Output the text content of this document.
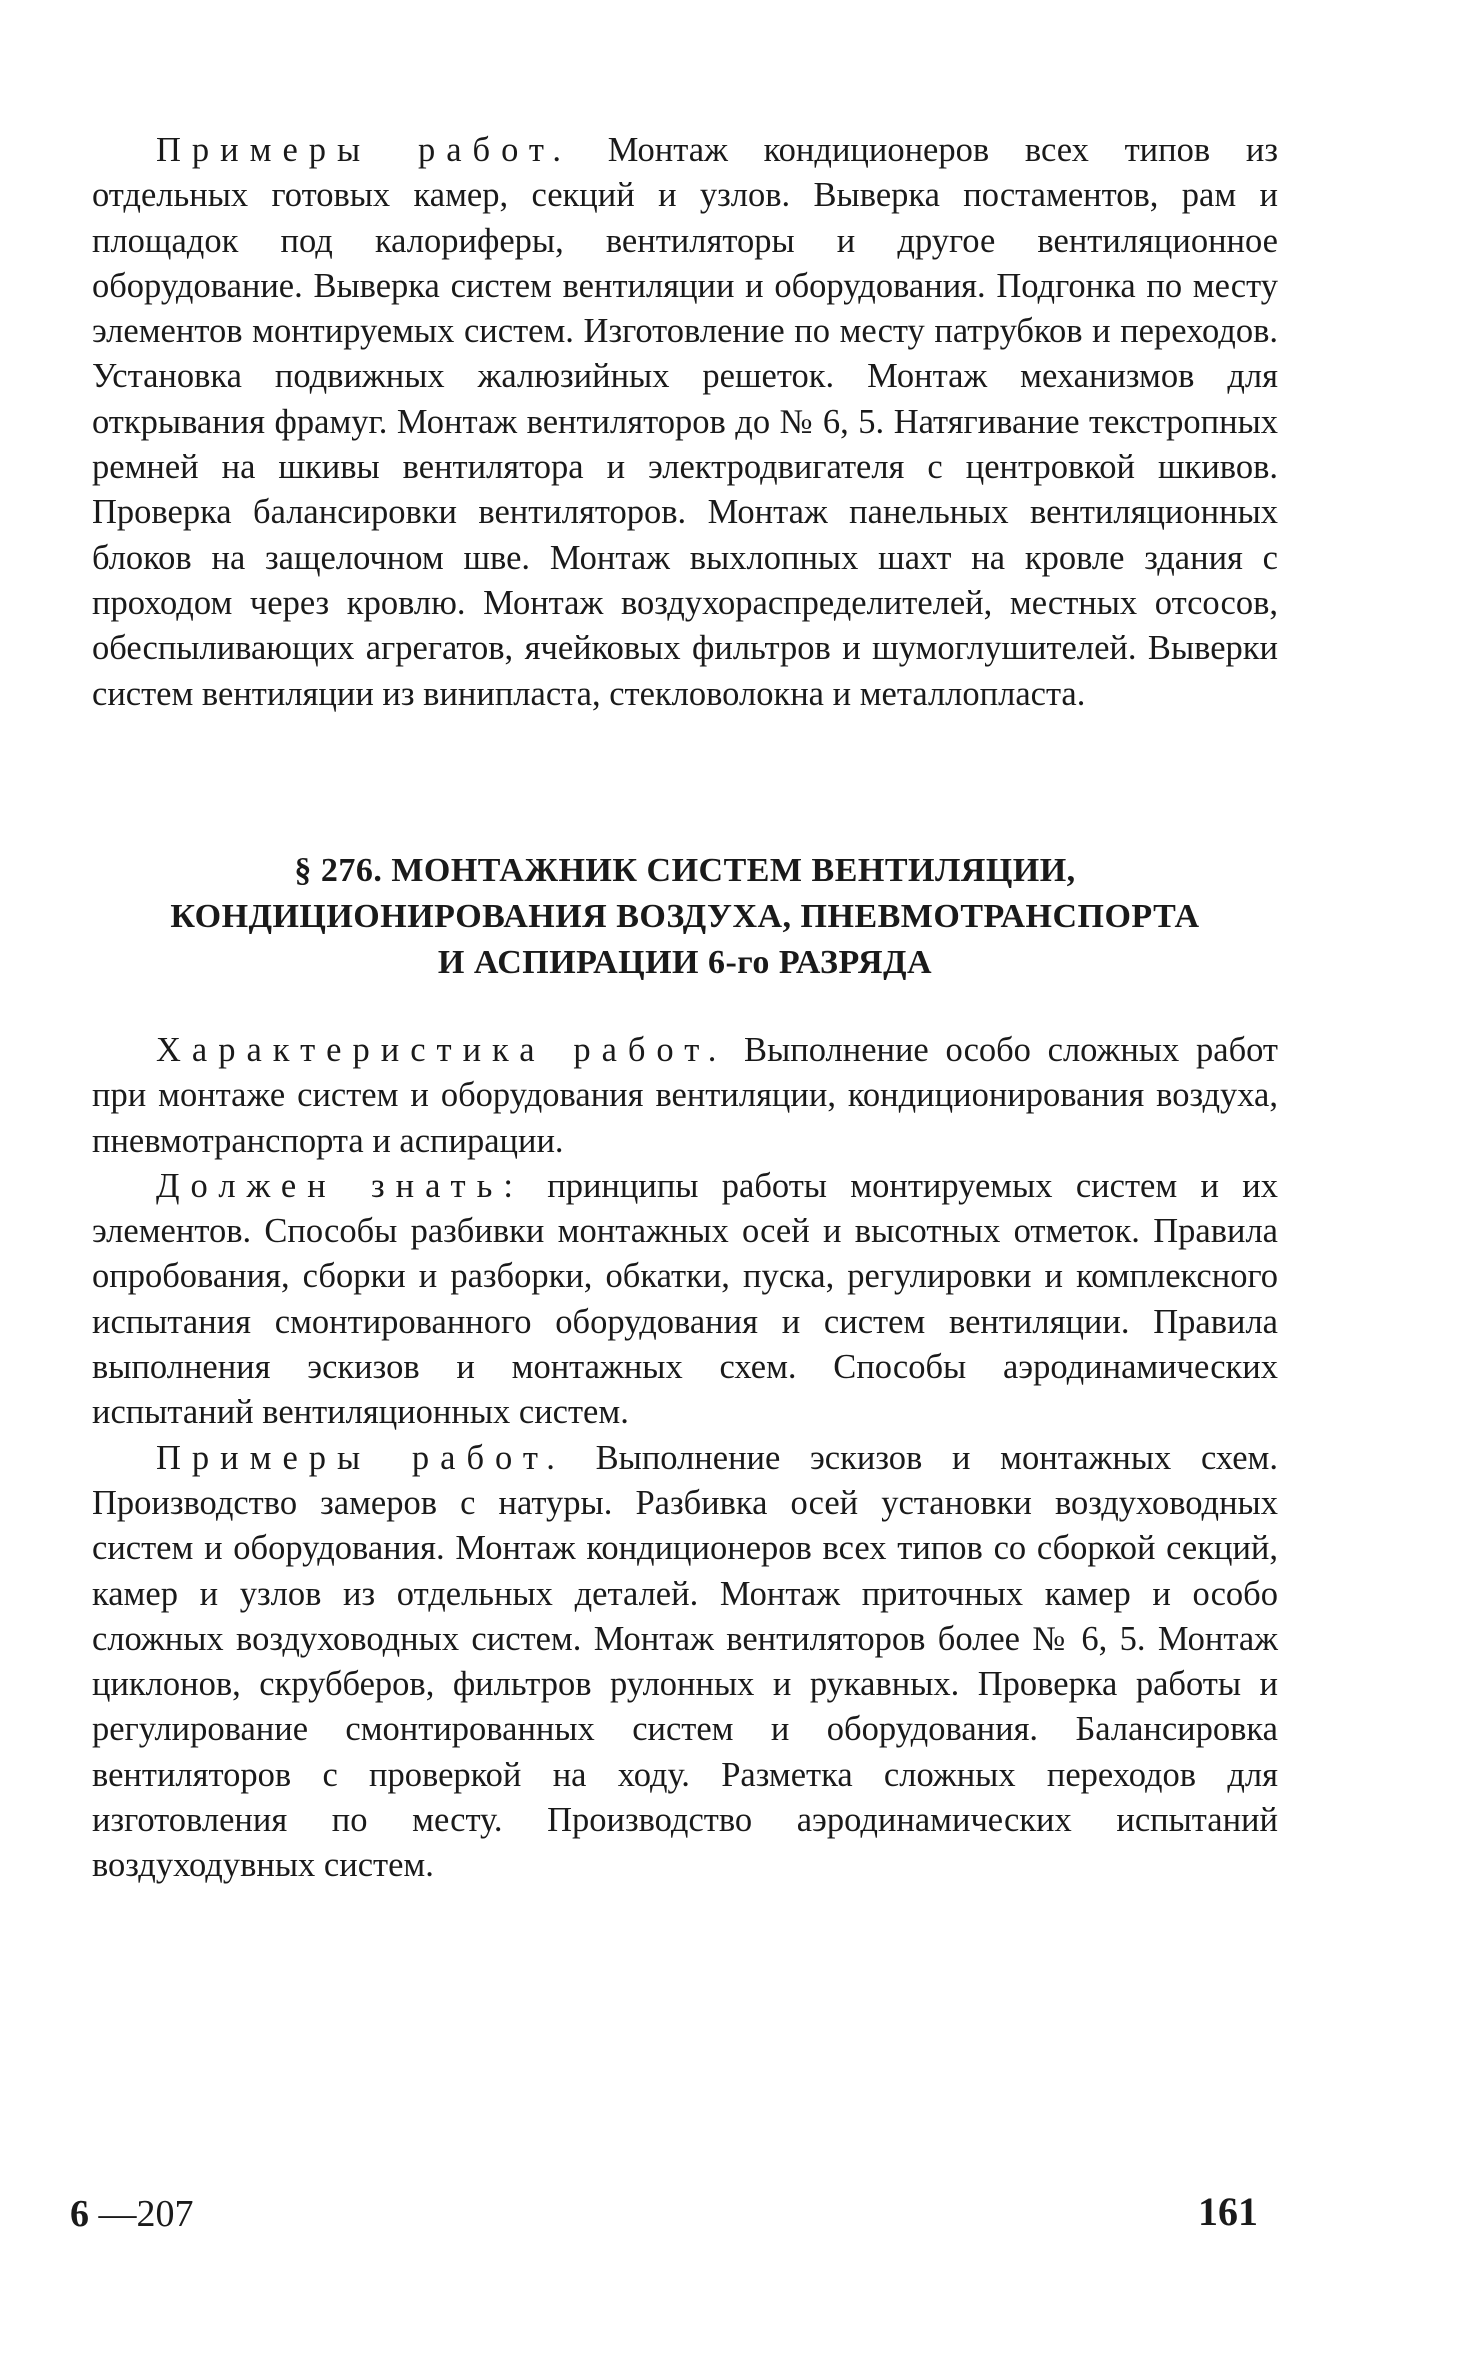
Примеры работ. Монтаж кондиционеров всех типов из отдельных готовых камер, секций и узлов. Выверка постаментов, рам и площадок под калориферы, вентиляторы и другое вентиляционное оборудование. Выверка систем вентиляции и оборудования. Подгонка по месту элементов монтируемых систем. Изготовление по месту патрубков и переходов. Установка подвижных жалюзийных решеток. Монтаж механизмов для открывания фрамуг. Монтаж вентиляторов до № 6, 5. Натягивание текстропных ремней на шкивы вентилятора и электродвигателя с центровкой шкивов. Проверка балансировки вентиляторов. Монтаж панельных вентиляционных блоков на защелочном шве. Монтаж выхлопных шахт на кровле здания с проходом через кровлю. Монтаж воздухораспределителей, местных отсосов, обеспыливающих агрегатов, ячейковых фильтров и шумоглушителей. Выверки систем вентиляции из винипласта, стекловолокна и металлопласта.

§ 276. МОНТАЖНИК СИСТЕМ ВЕНТИЛЯЦИИ,
КОНДИЦИОНИРОВАНИЯ ВОЗДУХА, ПНЕВМОТРАНСПОРТА
И АСПИРАЦИИ 6-го РАЗРЯДА

Характеристика работ. Выполнение особо сложных работ при монтаже систем и оборудования вентиляции, кондиционирования воздуха, пневмотранспорта и аспирации.

Должен знать: принципы работы монтируемых систем и их элементов. Способы разбивки монтажных осей и высотных отметок. Правила опробования, сборки и разборки, обкатки, пуска, регулировки и комплексного испытания смонтированного оборудования и систем вентиляции. Правила выполнения эскизов и монтажных схем. Способы аэродинамических испытаний вентиляционных систем.

Примеры работ. Выполнение эскизов и монтажных схем. Производство замеров с натуры. Разбивка осей установки воздуховодных систем и оборудования. Монтаж кондиционеров всех типов со сборкой секций, камер и узлов из отдельных деталей. Монтаж приточных камер и особо сложных воздуховодных систем. Монтаж вентиляторов более № 6, 5. Монтаж циклонов, скрубберов, фильтров рулонных и рукавных. Проверка работы и регулирование смонтированных систем и оборудования. Балансировка вентиляторов с проверкой на ходу. Разметка сложных переходов для изготовления по месту. Производство аэродинамических испытаний воздуходувных систем.

6 —207	161
